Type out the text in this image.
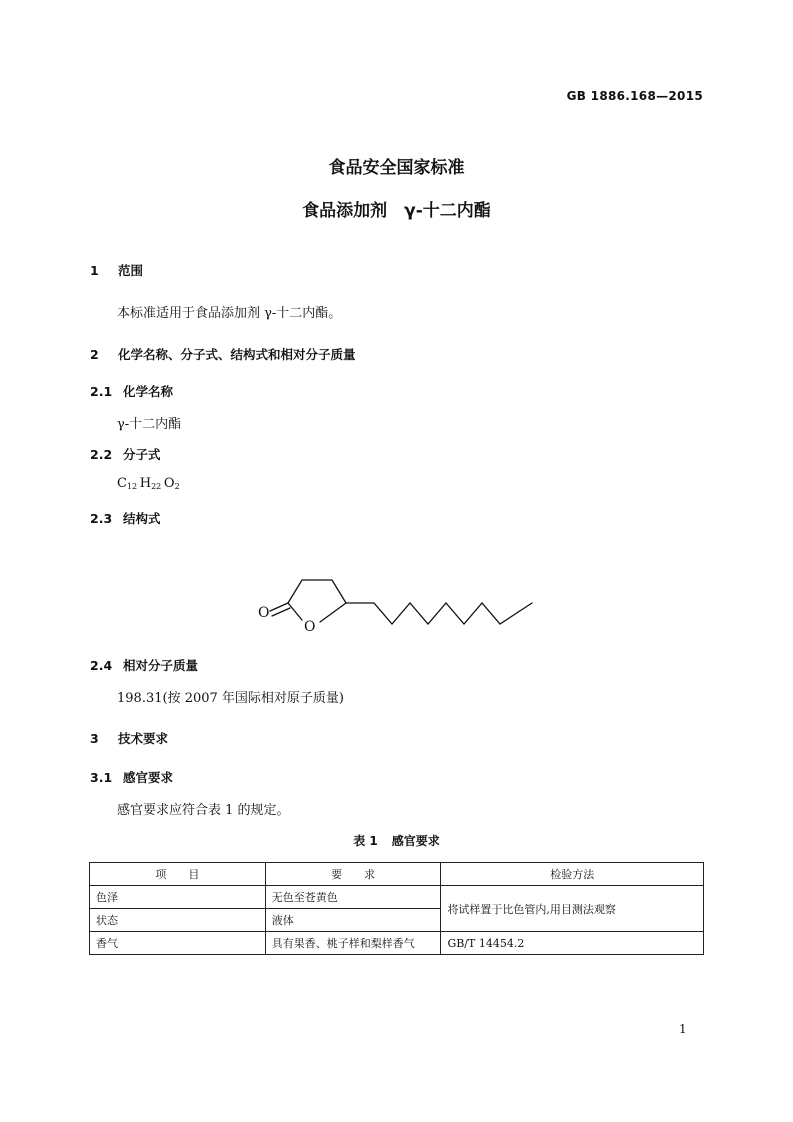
GB 1886.168—2015
食品安全国家标准
食品添加剂　γ-十二内酯
1 范围
本标准适用于食品添加剂 γ-十二内酯。
2 化学名称、分子式、结构式和相对分子质量
2.1 化学名称
γ-十二内酯
2.2 分子式
$C_{12}$  $H_{22}$  $O_2$
2.3 结构式
O
O
2.4 相对分子质量
198.31(按 2007 年国际相对原子质量)
3 技术要求
3.1 感官要求
感官要求应符合表 1 的规定。
表 1 感官要求
项　　目	要　　求	检验方法
色泽	无色至苍黄色	将试样置于比色管内,用目测法观察
状态	液体	
香气	具有果香、桃子样和梨样香气	GB/T 14454.2
1
